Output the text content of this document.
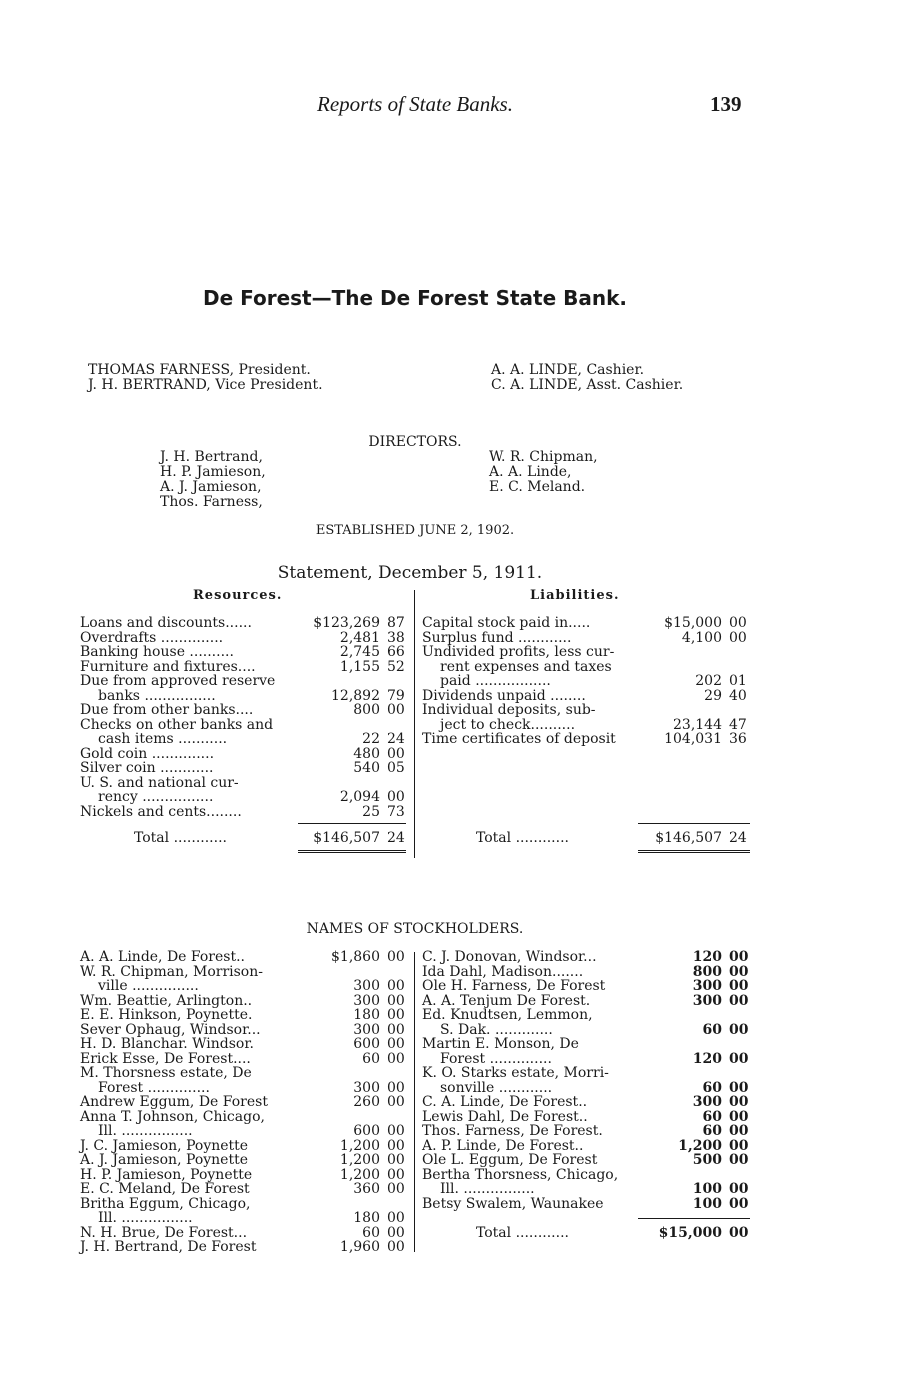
Reports of State Banks.	139
De Forest—The De Forest State Bank.
THOMAS FARNESS, President.
J. H. BERTRAND, Vice President.
A. A. LINDE, Cashier.
C. A. LINDE, Asst. Cashier.
DIRECTORS.
J. H. Bertrand,
H. P. Jamieson,
A. J. Jamieson,
Thos. Farness,
W. R. Chipman,
A. A. Linde,
E. C. Meland.
ESTABLISHED JUNE 2, 1902.
Statement, December 5, 1911.
Resources.	Liabilities.
Loans and discounts......	$123,269 87
Overdrafts ..............	2,481 38
Banking house ..........	2,745 66
Furniture and fixtures....	1,155 52
Due from approved reserve
banks ................	12,892 79
Due from other banks....	800 00
Checks on other banks and
cash items ...........	22 24
Gold coin ..............	480 00
Silver coin ............	540 05
U. S. and national cur-
rency ................	2,094 00
Nickels and cents........	25 73
Total ............	$146,507 24
Capital stock paid in.....	$15,000 00
Surplus fund ............	4,100 00
Undivided profits, less cur-
rent expenses and taxes
paid .................	202 01
Dividends unpaid ........	29 40
Individual deposits, sub-
ject to check..........	23,144 47
Time certificates of deposit	104,031 36
Total ............	$146,507 24
NAMES OF STOCKHOLDERS.
A. A. Linde, De Forest..	$1,860 00
W. R. Chipman, Morrison-
ville ...............	300 00
Wm. Beattie, Arlington..	300 00
E. E. Hinkson, Poynette.	180 00
Sever Ophaug, Windsor...	300 00
H. D. Blanchar. Windsor.	600 00
Erick Esse, De Forest....	60 00
M. Thorsness estate, De
Forest ..............	300 00
Andrew Eggum, De Forest	260 00
Anna T. Johnson, Chicago,
Ill. ................	600 00
J. C. Jamieson, Poynette	1,200 00
A. J. Jamieson, Poynette	1,200 00
H. P. Jamieson, Poynette	1,200 00
E. C. Meland, De Forest	360 00
Britha Eggum, Chicago,
Ill. ................	180 00
N. H. Brue, De Forest...	60 00
J. H. Bertrand, De Forest	1,960 00
C. J. Donovan, Windsor...	120 00
Ida Dahl, Madison.......	800 00
Ole H. Farness, De Forest	300 00
A. A. Tenjum De Forest.	300 00
Ed. Knudtsen, Lemmon,
S. Dak. .............	60 00
Martin E. Monson, De
Forest ..............	120 00
K. O. Starks estate, Morri-
sonville ............	60 00
C. A. Linde, De Forest..	300 00
Lewis Dahl, De Forest..	60 00
Thos. Farness, De Forest.	60 00
A. P. Linde, De Forest..	1,200 00
Ole L. Eggum, De Forest	500 00
Bertha Thorsness, Chicago,
Ill. ................	100 00
Betsy Swalem, Waunakee	100 00
Total ............	$15,000 00
